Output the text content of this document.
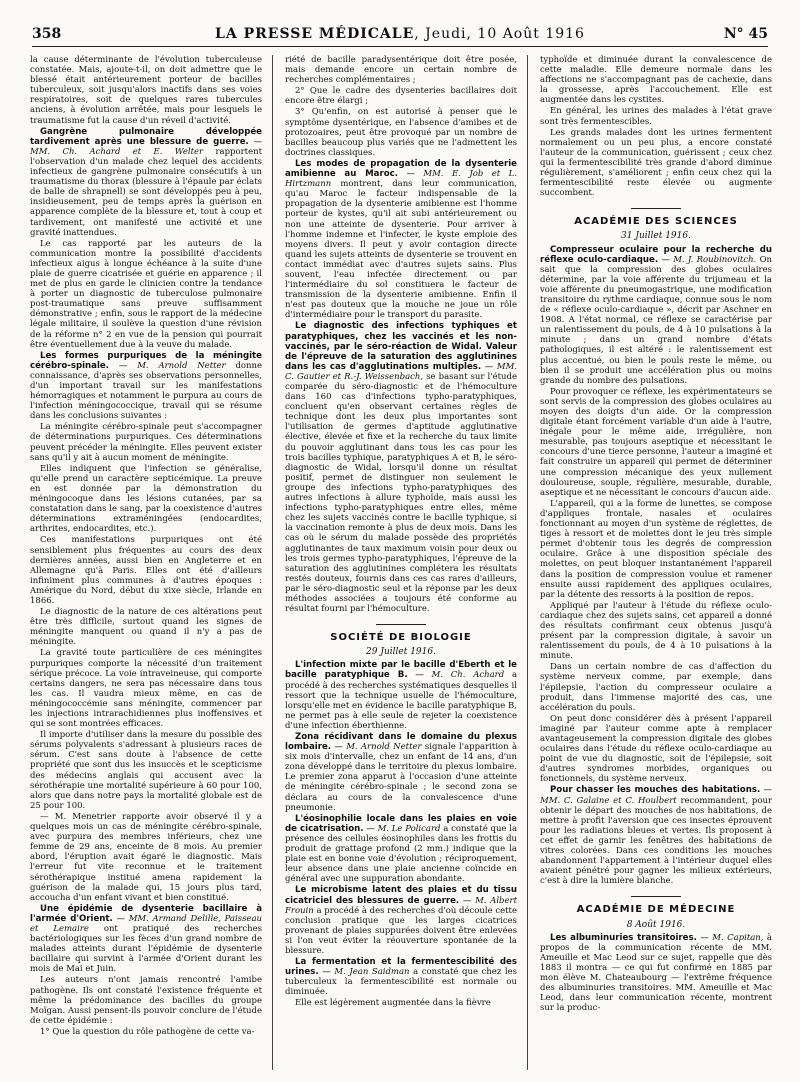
358	LA PRESSE MÉDICALE, Jeudi, 10 Août 1916	N° 45

la cause déterminante de l'évolution tuberculeuse constatée. Mais, ajoute-t-il, on doit admettre que le blessé était antérieurement porteur de bacilles tuberculeux, soit jusqu'alors inactifs dans ses voies respiratoires, soit de quelques rares tubercules anciens, à évolution arrêtée, mais pour lesquels le traumatisme fut la cause d'un réveil d'activité.

Gangrène pulmonaire développée tardivement après une blessure de guerre. — MM. Ch. Achard et E. Welter rapportent l'observation d'un malade chez lequel des accidents infectieux de gangrène pulmonaire consécutifs à un traumatisme du thorax (blessure à l'épaule par éclats de balle de shrapnell) se sont développés peu à peu, insidieusement, peu de temps après la guérison en apparence complète de la blessure et, tout à coup et tardivement, ont manifesté une activité et une gravité inattendues.

Le cas rapporté par les auteurs de la communication montre la possibilité d'accidents infectieux aigus à longue échéance à la suite d'une plaie de guerre cicatrisée et guérie en apparence ; il met de plus en garde le clinicien contre la tendance à porter un diagnostic de tuberculose pulmonaire post-traumatique sans preuve suffisamment démonstrative ; enfin, sous le rapport de la médecine légale militaire, il soulève la question d'une révision de la réforme n° 2 en vue de la pension qui pourrait être éventuellement due à la veuve du malade.

Les formes purpuriques de la méningite cérébro-spinale. — M. Arnold Netter donne connaissance, d'après ses observations personnelles, d'un important travail sur les manifestations hémorragiques et notamment le purpura au cours de l'infection méningococcique, travail qui se résume dans les conclusions suivantes :

La méningite cérébro-spinale peut s'accompagner de déterminations purpuriques. Ces déterminations peuvent précéder la méningite. Elles peuvent exister sans qu'il y ait à aucun moment de méningite.

Elles indiquent que l'infection se généralise, qu'elle prend un caractère septicémique. La preuve en est donnée par la démonstration du méningocoque dans les lésions cutanées, par sa constatation dans le sang, par la coexistence d'autres déterminations extraméningées (endocardites, arthrites, endocardites, etc.).

Ces manifestations purpuriques ont été sensiblement plus fréquentes au cours des deux dernières années, aussi bien en Angleterre et en Allemagne qu'à Paris. Elles ont été d'ailleurs infiniment plus communes à d'autres époques : Amérique du Nord, début du xixe siècle, Irlande en 1866.

Le diagnostic de la nature de ces altérations peut être très difficile, surtout quand les signes de méningite manquent ou quand il n'y a pas de méningite.

La gravité toute particulière de ces méningites purpuriques comporte la nécessité d'un traitement sérique précoce. La voie intraveineuse, qui comporte certains dangers, ne sera pas nécessaire dans tous les cas. Il vaudra mieux même, en cas de méningococcémie sans méningite, commencer par les injections intrarachidiennes plus inoffensives et qui se sont montrées efficaces.

Il importe d'utiliser dans la mesure du possible des sérums polyvalents s'adressant à plusieurs races de sérum. C'est sans doute à l'absence de cette propriété que sont dus les insuccès et le scepticisme des médecins anglais qui accusent avec la sérothérapie une mortalité supérieure à 60 pour 100, alors que dans notre pays la mortalité globale est de 25 pour 100.

— M. Menetrier rapporte avoir observé il y a quelques mois un cas de méningite cérébro-spinale, avec purpura des membres inférieurs, chez une femme de 29 ans, enceinte de 8 mois. Au premier abord, l'éruption avait égaré le diagnostic. Mais l'erreur fut vite reconnue et le traitement sérothérapique institué amena rapidement la guérison de la malade qui, 15 jours plus tard, accoucha d'un enfant vivant et bien constitué.

Une épidémie de dysenterie bacillaire à l'armée d'Orient. — MM. Armand Delille, Paisseau et Lemaire ont pratiqué des recherches bactériologiques sur les fèces d'un grand nombre de malades atteints durant l'épidémie de dysenterie bacillaire qui survint à l'armée d'Orient durant les mois de Mai et Juin.

Les auteurs n'ont jamais rencontré l'amibe pathogène. Ils ont constaté l'existence fréquente et même la prédominance des bacilles du groupe Moïgan. Aussi pensent-ils pouvoir conclure de l'étude de cette épidémie :

1° Que la question du rôle pathogène de cette va-

riété de bacille paradysentérique doit être posée, mais demande encore un certain nombre de recherches complémentaires ;

2° Que le cadre des dysenteries bacillaires doit encore être élargi ;

3° Qu'enfin, on est autorisé à penser que le symptôme dysentérique, en l'absence d'amibes et de protozoaires, peut être provoqué par un nombre de bacilles beaucoup plus variés que ne l'admettent les doctrines classiques.

Les modes de propagation de la dysenterie amibienne au Maroc. — MM. E. Job et L. Hirtzmann montrent, dans leur communication, qu'au Maroc le facteur indispensable de la propagation de la dysenterie amibienne est l'homme porteur de kystes, qu'il ait subi antérieurement ou non une atteinte de dysenterie. Pour arriver à l'homme indemne et l'infecter, le kyste emploie des moyens divers. Il peut y avoir contagion directe quand les sujets atteints de dysenterie se trouvent en contact immédiat avec d'autres sujets sains. Plus souvent, l'eau infectée directement ou par l'intermédiaire du sol constituera le facteur de transmission de la dysenterie amibienne. Enfin il n'est pas douteux que la mouche ne joue un rôle d'intermédiaire pour le transport du parasite.

Le diagnostic des infections typhiques et paratyphiques, chez les vaccinés et les non-vaccinés, par le séro-réaction de Widal. Valeur de l'épreuve de la saturation des agglutinines dans les cas d'agglutinations multiples. — MM. C. Gautier et R.-J. Weissenbach, se basant sur l'étude comparée du séro-diagnostic et de l'hémoculture dans 160 cas d'infections typho-paratyphiques, concluent qu'en observant certaines règles de technique dont les deux plus importantes sont l'utilisation de germes d'aptitude agglutinative élective, élevée et fixe et la recherche du taux limite du pouvoir agglutinant dans tous les cas pour les trois bacilles typhique, paratyphiques A et B, le séro-diagnostic de Widal, lorsqu'il donne un résultat positif, permet de distinguer non seulement le groupe des infections typho-paratyphiques des autres infections à allure typhoïde, mais aussi les infections typho-paratyphiques entre elles, même chez les sujets vaccinés contre le bacille typhique, si la vaccination remonte à plus de deux mois. Dans les cas où le sérum du malade possède des propriétés agglutinantes de taux maximum voisin pour deux ou les trois germes typho-paratyphiques, l'épreuve de la saturation des agglutinines complétera les résultats restés douteux, fournis dans ces cas rares d'ailleurs, par le séro-diagnostic seul et la réponse par les deux méthodes associées a toujours été conforme au résultat fourni par l'hémoculture.

SOCIÉTÉ DE BIOLOGIE
29 Juillet 1916.

L'infection mixte par le bacille d'Eberth et le bacille paratyphique B. — M. Ch. Achard a procédé à des recherches systématiques desquelles il ressort que la technique usuelle de l'hémoculture, lorsqu'elle met en évidence le bacille paratyphique B, ne permet pas à elle seule de rejeter la coexistence d'une infection éberthienne.

Zona récidivant dans le domaine du plexus lombaire. — M. Arnold Netter signale l'apparition à six mois d'intervalle, chez un enfant de 14 ans, d'un zona développé dans le territoire du plexus lombaire. Le premier zona apparut à l'occasion d'une atteinte de méningite cérébro-spinale ; le second zona se déclara au cours de la convalescence d'une pneumonie.

L'éosinophilie locale dans les plaies en voie de cicatrisation. — M. Le Policard a constaté que la présence des cellules éosinophiles dans les frottis du produit de grattage profond (2 mm.) indique que la plaie est en bonne voie d'évolution ; réciproquement, leur absence dans une plaie ancienne coïncide en général avec une suppuration abondante.

Le microbisme latent des plaies et du tissu cicatriciel des blessures de guerre. — M. Albert Frouin a procédé à des recherches d'où découle cette conclusion pratique que les larges cicatrices provenant de plaies suppurées doivent être enlevées si l'on veut éviter la réouverture spontanée de la blessure.

La fermentation et la fermentescibilité des urines. — M. Jean Saidman a constaté que chez les tuberculeux la fermentescibilité est normale ou diminuée.

Elle est légèrement augmentée dans la fièvre

typhoïde et diminuée durant la convalescence de cette maladie. Elle demeure normale dans les affections ne s'accompagnant pas de cachexie, dans la grossesse, après l'accouchement. Elle est augmentée dans les cystites.

En général, les urines des malades à l'état grave sont très fermentescibles.

Les grands malades dont les urines fermentent normalement ou un peu plus, a encore constaté l'auteur de la communication, guérissent ; ceux chez qui la fermentescibilité très grande d'abord diminue régulièrement, s'améliorent ; enfin ceux chez qui la fermentescibilité reste élevée ou augmente succombent.

ACADÉMIE DES SCIENCES
31 Juillet 1916.

Compresseur oculaire pour la recherche du réflexe oculo-cardiaque. — M. J. Roubinovitch. On sait que la compression des globes oculaires détermine, par la voie afférente du trijumeau et la voie afférente du pneumogastrique, une modification transitoire du rythme cardiaque, connue sous le nom de « réflexe oculo-cardiaque », décrit par Aschner en 1908. A l'état normal, ce réflexe se caractérise par un ralentissement du pouls, de 4 à 10 pulsations à la minute ; dans un grand nombre d'états pathologiques, il est altéré : le ralentissement est plus accentué, ou bien le pouls reste le même, ou bien il se produit une accélération plus ou moins grande du nombre des pulsations.

Pour provoquer ce réflexe, les expérimentateurs se sont servis de la compression des globes oculaires au moyen des doigts d'un aide. Or la compression digitale étant forcément variable d'un aide à l'autre, inégale pour le même aide, irrégulière, non mesurable, pas toujours aseptique et nécessitant le concours d'une tierce personne, l'auteur a imaginé et fait construire un appareil qui permet de déterminer une compression mécanique des yeux nullement douloureuse, souple, régulière, mesurable, durable, aseptique et ne nécessitant le concours d'aucun aide.

L'appareil, qui a la forme de lunettes, se compose d'appliques frontale, nasales et oculaires fonctionnant au moyen d'un système de réglettes, de tiges à ressort et de molettes dont le jeu très simple permet d'obtenir tous les degrés de compression oculaire. Grâce à une disposition spéciale des molettes, on peut bloquer instantanément l'appareil dans la position de compression voulue et ramener ensuite aussi rapidement des appliques oculaires, par la détente des ressorts à la position de repos.

Appliqué par l'auteur à l'étude du réflexe oculo-cardiaque chez des sujets sains, cet appareil a donné des résultats confirmant ceux obtenus jusqu'à présent par la compression digitale, à savoir un ralentissement du pouls, de 4 à 10 pulsations à la minute.

Dans un certain nombre de cas d'affection du système nerveux comme, par exemple, dans l'épilepsie, l'action du compresseur oculaire a produit, dans l'immense majorité des cas, une accélération du pouls.

On peut donc considérer dès à présent l'appareil imaginé par l'auteur comme apte à remplacer avantageusement la compression digitale des globes oculaires dans l'étude du réflexe oculo-cardiaque au point de vue du diagnostic, soit de l'épilepsie, soit d'autres syndromes morbides, organiques ou fonctionnels, du système nerveux.

Pour chasser les mouches des habitations. — MM. C. Galaine et C. Houlbert recommandent, pour obtenir le départ des mouches de nos habitations, de mettre à profit l'aversion que ces insectes éprouvent pour les radiations bleues et vertes. Ils proposent à cet effet de garnir les fenêtres des habitations de vitres colorées. Dans ces conditions les mouches abandonnent l'appartement à l'intérieur duquel elles avaient pénétré pour gagner les milieux extérieurs, c'est à dire la lumière blanche.

ACADÉMIE DE MÉDECINE
8 Août 1916.

Les albuminuries transitoires. — M. Capitan, à propos de la communication récente de MM. Ameuille et Mac Leod sur ce sujet, rappelle que dès 1883 il montra — ce qui fut confirmé en 1885 par mon élève M. Chateaubourg — l'extrême fréquence des albuminuries transitoires. MM. Ameuille et Mac Leod, dans leur communication récente, montrent sur la produc-
